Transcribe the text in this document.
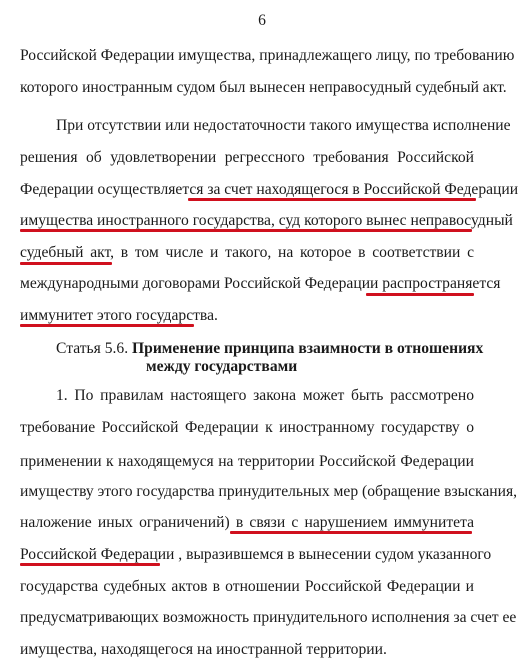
6
Российской Федерации имущества, принадлежащего лицу, по требованию
которого иностранным судом был вынесен неправосудный судебный акт.
При отсутствии или недостаточности такого имущества исполнение
решения об удовлетворении регрессного требования Российской
Федерации осуществляется за счет находящегося в Российской Федерации
имущества иностранного государства, суд которого вынес неправосудный
судебный акт, в том числе и такого, на которое в соответствии с
международными договорами Российской Федерации распространяется
иммунитет этого государства.
Статья 5.6. Применение принципа взаимности в отношениях
между государствами
1. По правилам настоящего закона может быть рассмотрено
требование Российской Федерации к иностранному государству о
применении к находящемуся на территории Российской Федерации
имуществу этого государства принудительных мер (обращение взыскания,
наложение иных ограничений) в связи с нарушением иммунитета
Российской Федерации , выразившемся в вынесении судом указанного
государства судебных актов в отношении Российской Федерации и
предусматривающих возможность принудительного исполнения за счет ее
имущества, находящегося на иностранной территории.
